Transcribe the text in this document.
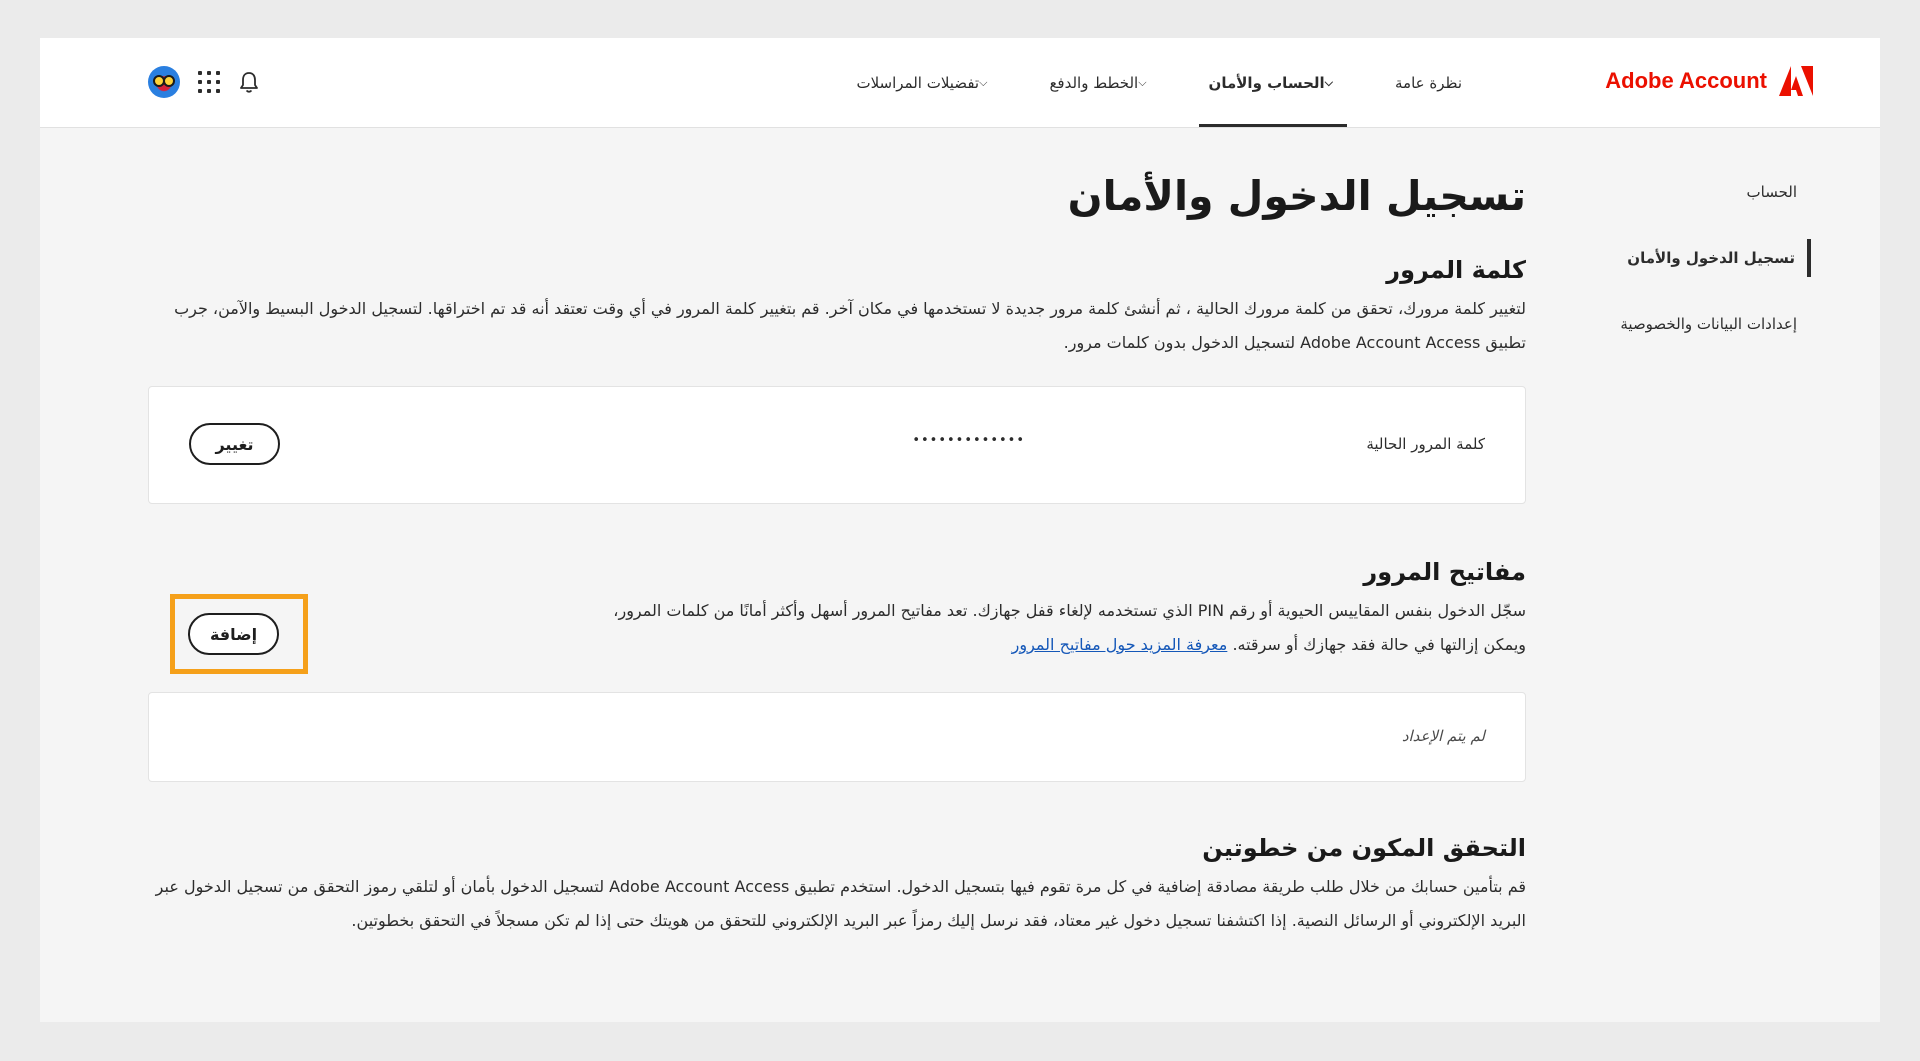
Adobe Account
نظرة عامة
الحساب والأمان ⌵
الخطط والدفع ⌵
تفضيلات المراسلات ⌵
الحساب
تسجيل الدخول والأمان
إعدادات البيانات والخصوصية
تسجيل الدخول والأمان
كلمة المرور

لتغيير كلمة مرورك، تحقق من كلمة مرورك الحالية ، ثم أنشئ كلمة مرور جديدة لا تستخدمها في مكان آخر. قم بتغيير كلمة المرور في أي وقت تعتقد أنه قد تم اختراقها. لتسجيل الدخول البسيط والآمن، جرب تطبيق Adobe Account Access لتسجيل الدخول بدون كلمات مرور.

كلمة المرور الحالية
•••••••••••••
تغيير
مفاتيح المرور

سجّل الدخول بنفس المقاييس الحيوية أو رقم PIN الذي تستخدمه لإلغاء قفل جهازك. تعد مفاتيح المرور أسهل وأكثر أمانًا من كلمات المرور، ويمكن إزالتها في حالة فقد جهازك أو سرقته. معرفة المزيد حول مفاتيح المرور

إضافة
لم يتم الإعداد
التحقق المكون من خطوتين

قم بتأمين حسابك من خلال طلب طريقة مصادقة إضافية في كل مرة تقوم فيها بتسجيل الدخول. استخدم تطبيق Adobe Account Access لتسجيل الدخول بأمان أو لتلقي رموز التحقق من تسجيل الدخول عبر البريد الإلكتروني أو الرسائل النصية. إذا اكتشفنا تسجيل دخول غير معتاد، فقد نرسل إليك رمزاً عبر البريد الإلكتروني للتحقق من هويتك حتى إذا لم تكن مسجلاً في التحقق بخطوتين.
